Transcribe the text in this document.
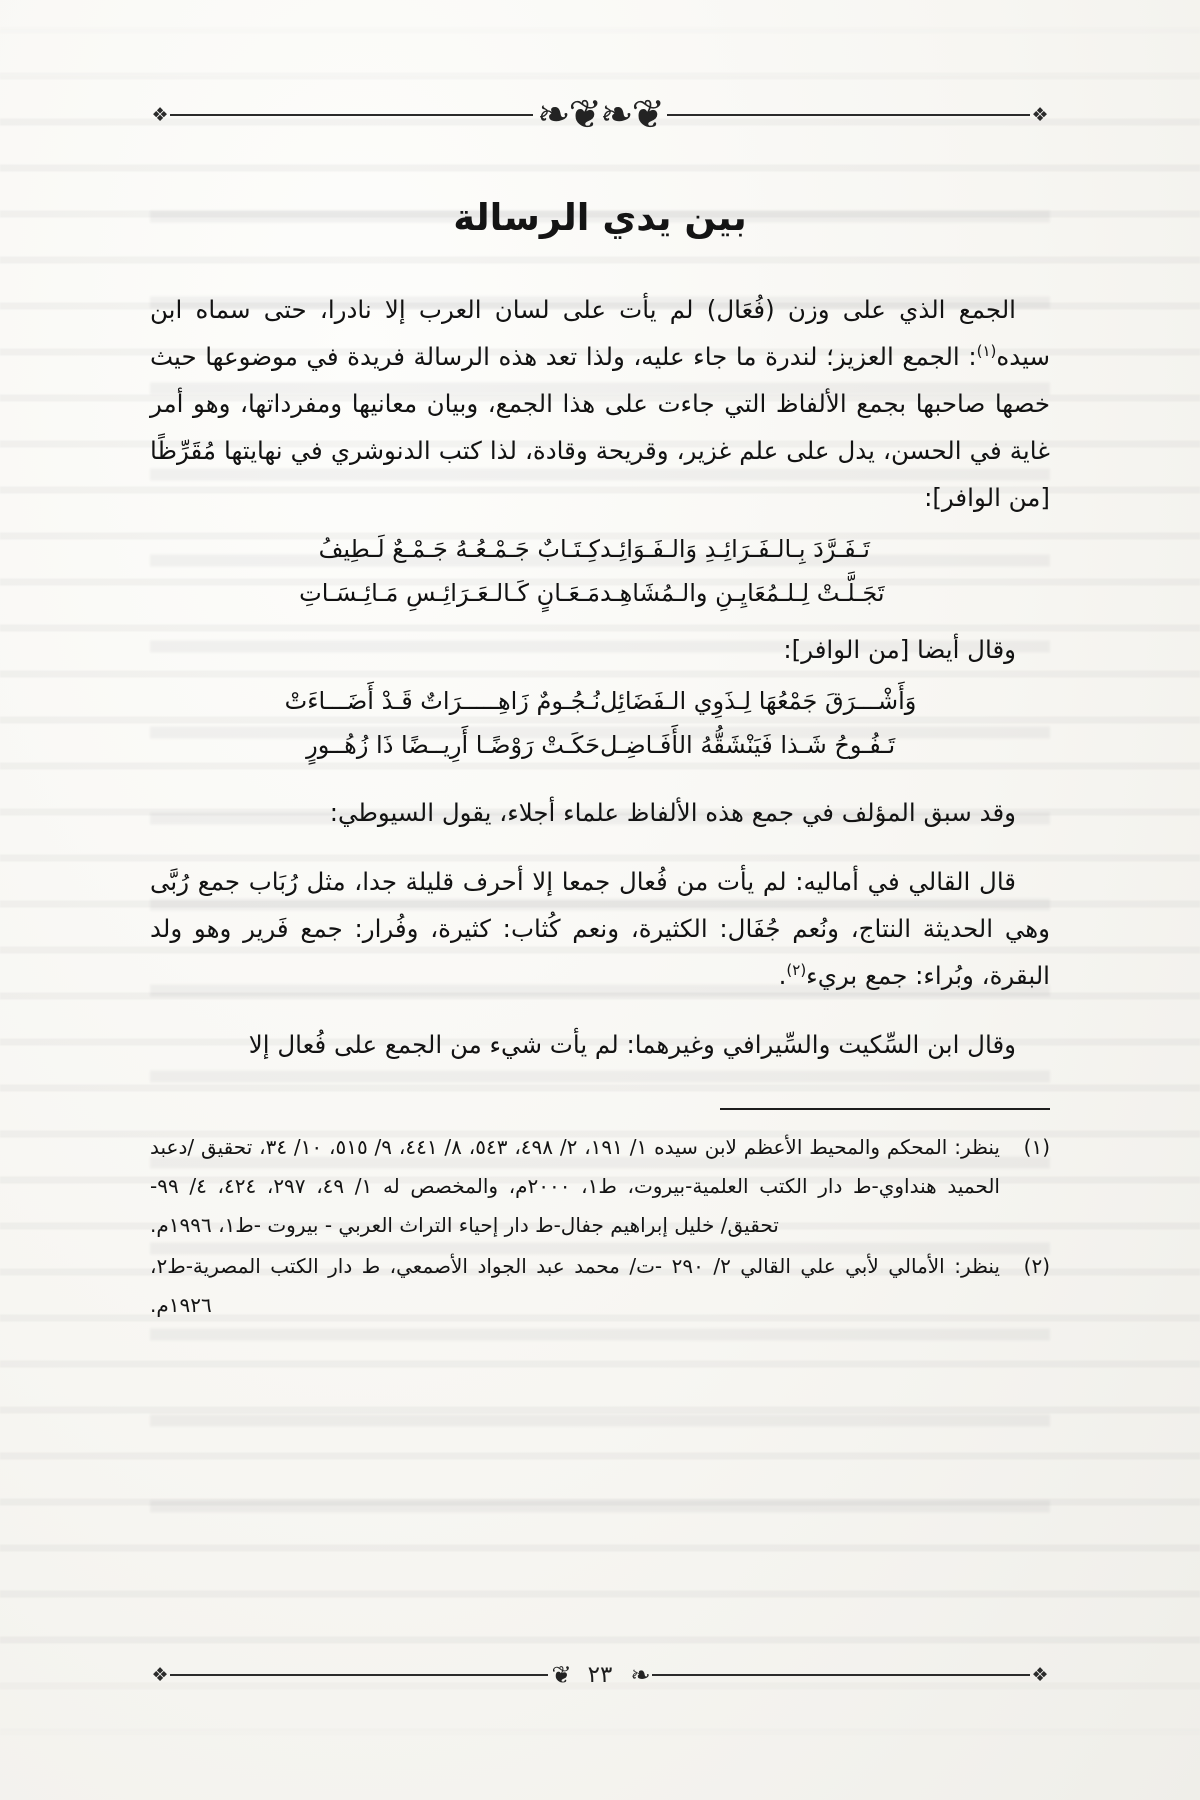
❖
❦❧❦❧
❖
بين يدي الرسالة

الجمع الذي على وزن (فُعَال) لم يأت على لسان العرب إلا نادرا، حتى سماه ابن سيده$^{(١)}$: الجمع العزيز؛ لندرة ما جاء عليه، ولذا تعد هذه الرسالة فريدة في موضوعها حيث خصها صاحبها بجمع الألفاظ التي جاءت على هذا الجمع، وبيان معانيها ومفرداتها، وهو أمر غاية في الحسن، يدل على علم غزير، وقريحة وقادة، لذا كتب الدنوشري في نهايتها مُقَرِّظًا [من الوافر]:

تَـفَـرَّدَ بِـالـفَـرَائِـدِ وَالـفَـوَائِـد
كِـتَـابٌ جَـمْـعُـهُ جَـمْـعٌ لَـطِيفُ
تَجَـلَّـتْ لِـلـمُعَايِـنِ والـمُشَاهِـد
مَـعَـانٍ كَـالـعَـرَائِـسِ مَـائِـسَـاتِ

وقال أيضا [من الوافر]:

وَأَشْـــرَقَ جَمْعُهَا لِـذَوِي الـفَضَائِل
نُـجُـومٌ زَاهِـــــرَاتٌ قَـدْ أَضَـــاءَتْ
تَـفُـوحُ شَـذا فَيَنْشَقُّهُ الأَفَـاضِـل
حَكَـتْ رَوْضًـا أَرِيــضًا ذَا زُهُــورٍ

وقد سبق المؤلف في جمع هذه الألفاظ علماء أجلاء، يقول السيوطي:

قال القالي في أماليه: لم يأت من فُعال جمعا إلا أحرف قليلة جدا، مثل رُبَاب جمع رُبَّى وهي الحديثة النتاج، ونُعم جُفَال: الكثيرة، ونعم كُثاب: كثيرة، وفُرار: جمع فَرير وهو ولد البقرة، وبُراء: جمع بريء$^{(٢)}$.

وقال ابن السِّكيت والسِّيرافي وغيرهما: لم يأت شيء من الجمع على فُعال إلا

(١)
ينظر: المحكم والمحيط الأعظم لابن سيده ١/ ١٩١، ٢/ ٤٩٨، ٥٤٣، ٨/ ٤٤١، ٩/ ٥١٥، ١٠/ ٣٤، تحقيق /دعبد الحميد هنداوي-ط دار الكتب العلمية-بيروت، ط١، ٢٠٠٠م، والمخصص له ١/ ٤٩، ٢٩٧، ٤٢٤، ٤/ ٩٩- تحقيق/ خليل إبراهيم جفال-ط دار إحياء التراث العربي - بيروت -ط١، ١٩٩٦م.
(٢)
ينظر: الأمالي لأبي علي القالي ٢/ ٢٩٠ -ت/ محمد عبد الجواد الأصمعي، ط دار الكتب المصرية-ط٢، ١٩٢٦م.
❖
❧
٢٣
❦
❖
